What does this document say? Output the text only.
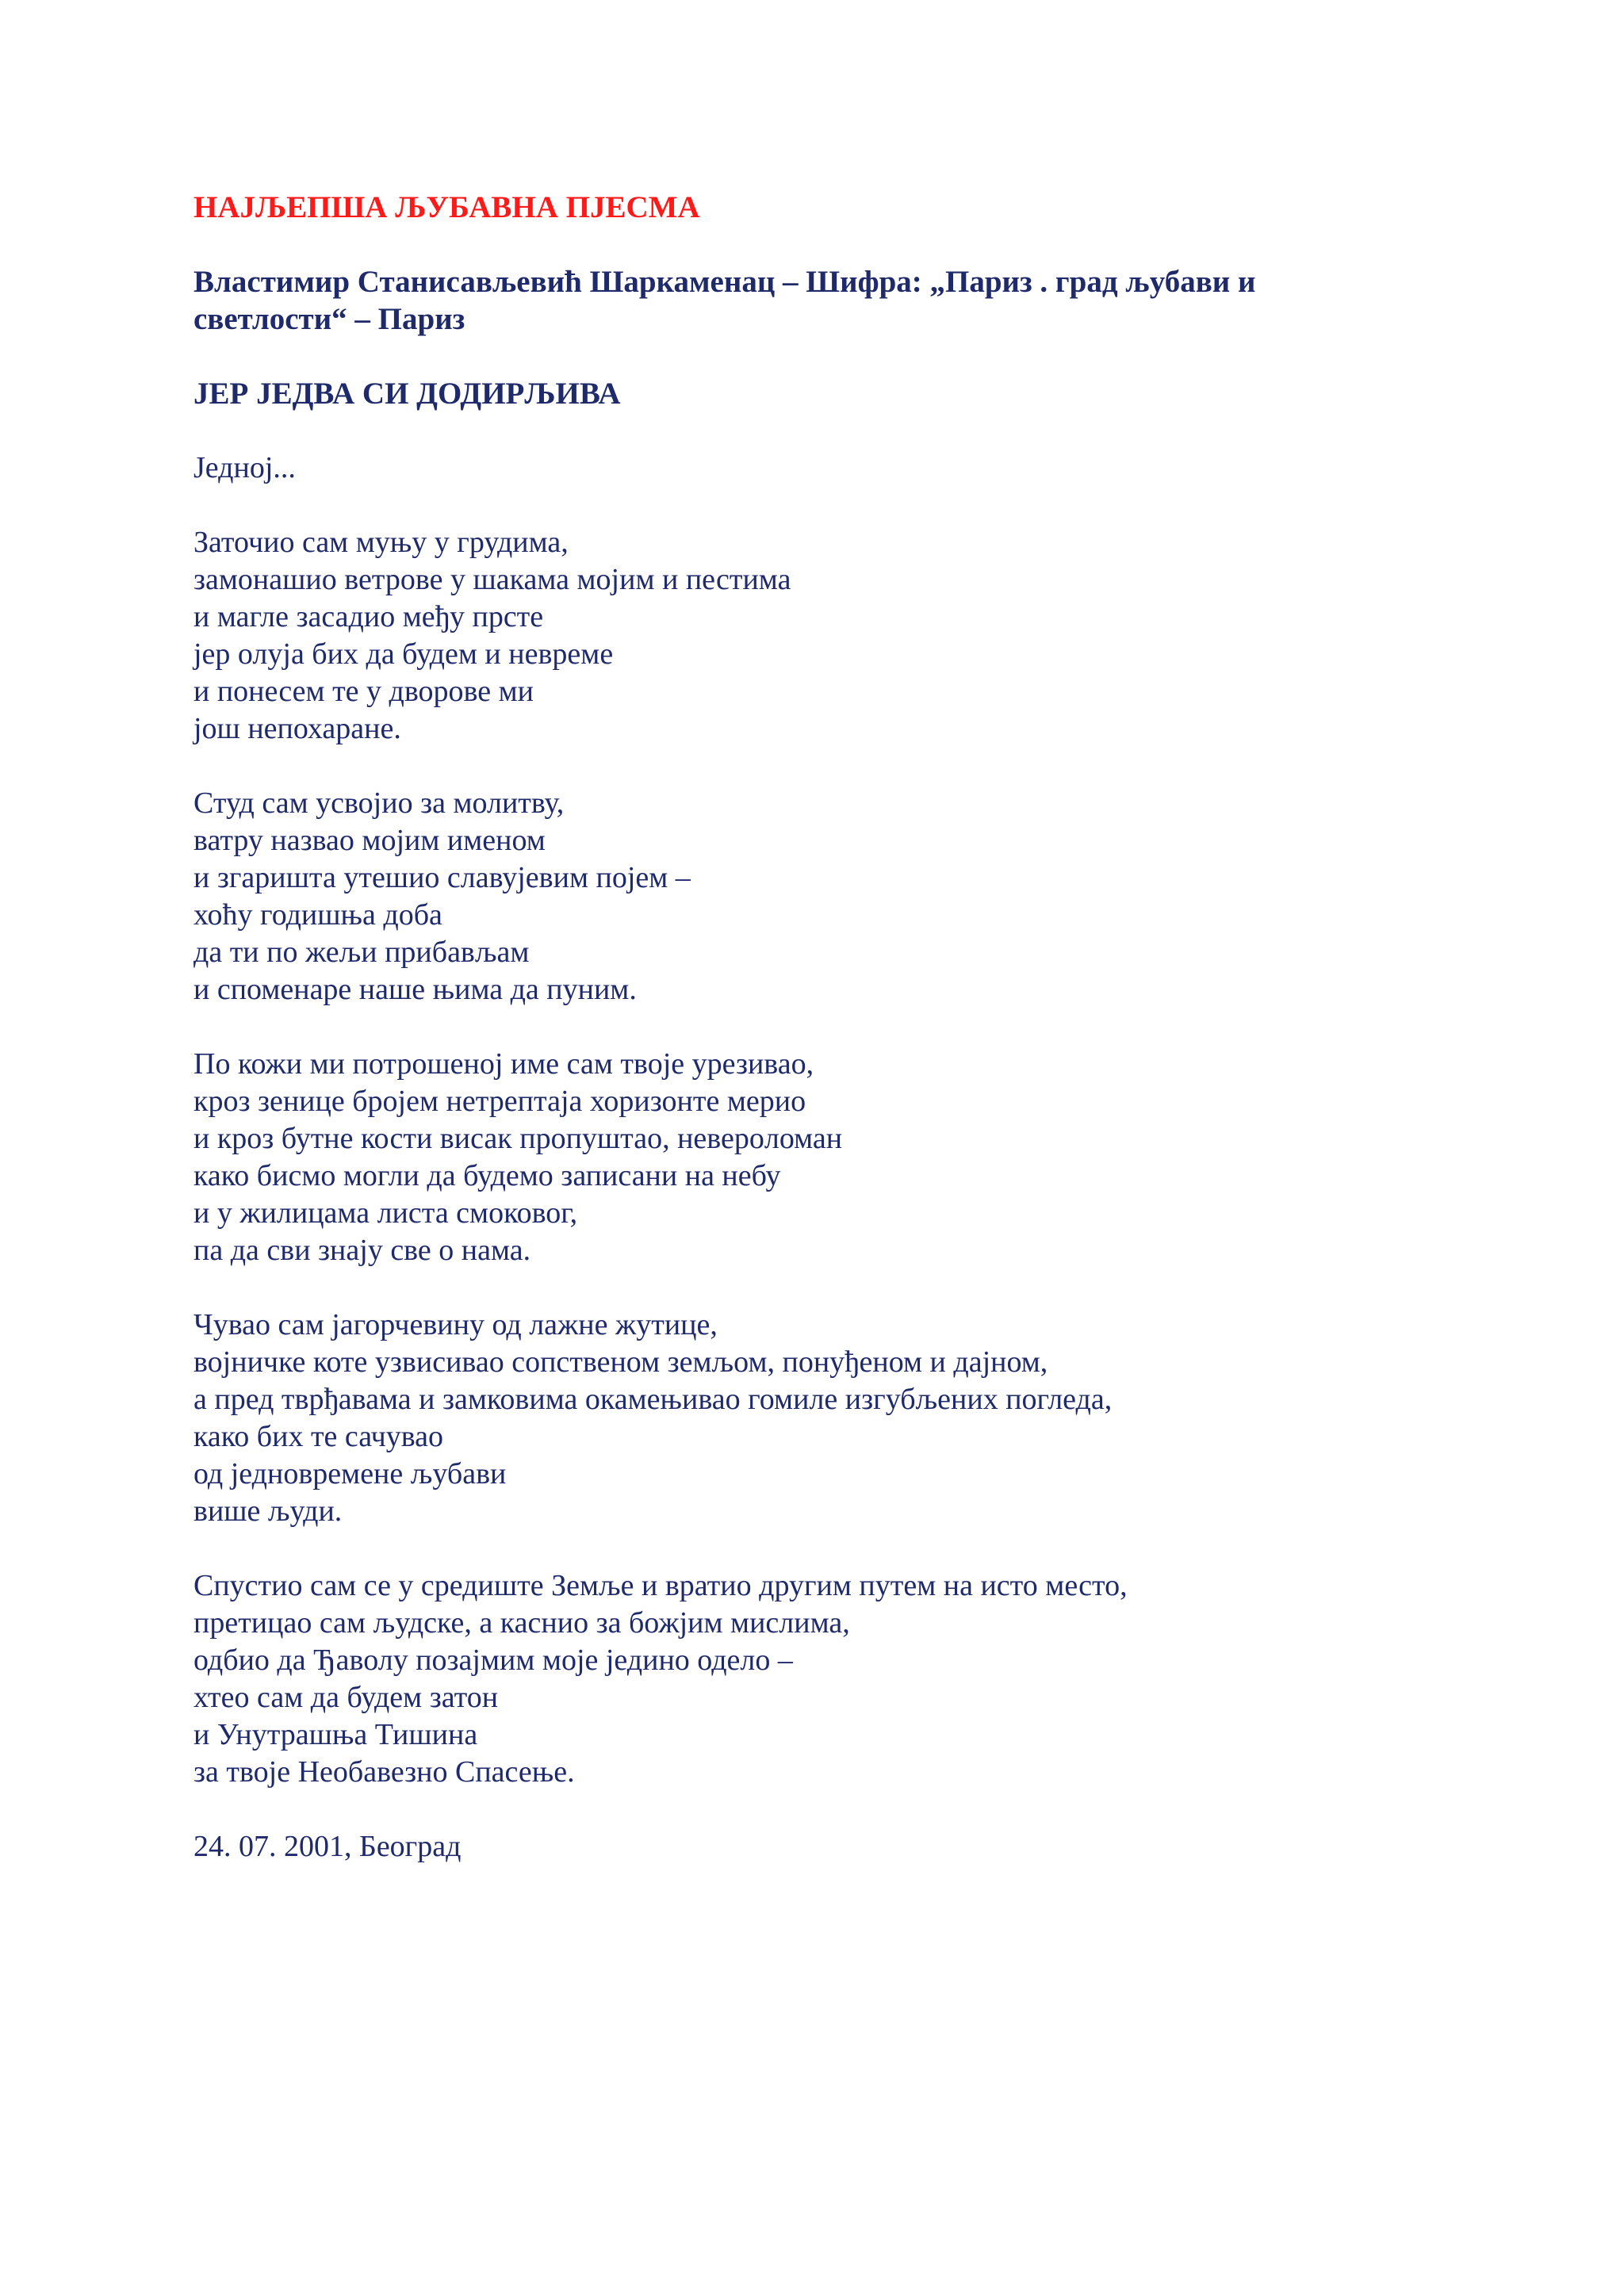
НАЈЉЕПША ЉУБАВНА ПЈЕСМА
Властимир Станисављевић Шаркаменац – Шифра: „Париз . град љубави и светлости“ – Париз
ЈЕР ЈЕДВА СИ ДОДИРЉИВА
Једној...
Заточио сам муњу у грудима,
замонашио ветрове у шакама мојим и пестима
и магле засадио међу прсте
јер олуја бих да будем и невреме
и понесем те у дворове ми
још непохаране.
Студ сам усвојио за молитву,
ватру назвао мојим именом
и згаришта утешио славујевим појем –
хоћу годишња доба
да ти по жељи прибављам
и споменаре наше њима да пуним.
По кожи ми потрошеној име сам твоје урезивао,
кроз зенице бројем нетрептаја хоризонте мерио
и кроз бутне кости висак пропуштао, неверoломан
како бисмо могли да будемо записани на небу
и у жилицама листа смоковог,
па да сви знају све о нама.
Чувао сам јагорчевину од лажне жутице,
војничке коте узвисивао сопственом земљом, понуђеном и дајном,
а пред тврђавама и замковима окамењивао гомиле изгубљених погледа,
како бих те сачувао
од једновремене љубави
више људи.
Спустио сам се у средиште Земље и вратио другим путем на исто место,
претицао сам људске, а каснио за божјим мислима,
одбио да Ђаволу позајмим моје једино одело –
хтео сам да будем затон
и Унутрашња Тишина
за твоје Необавезно Спасење.
24. 07. 2001, Београд
